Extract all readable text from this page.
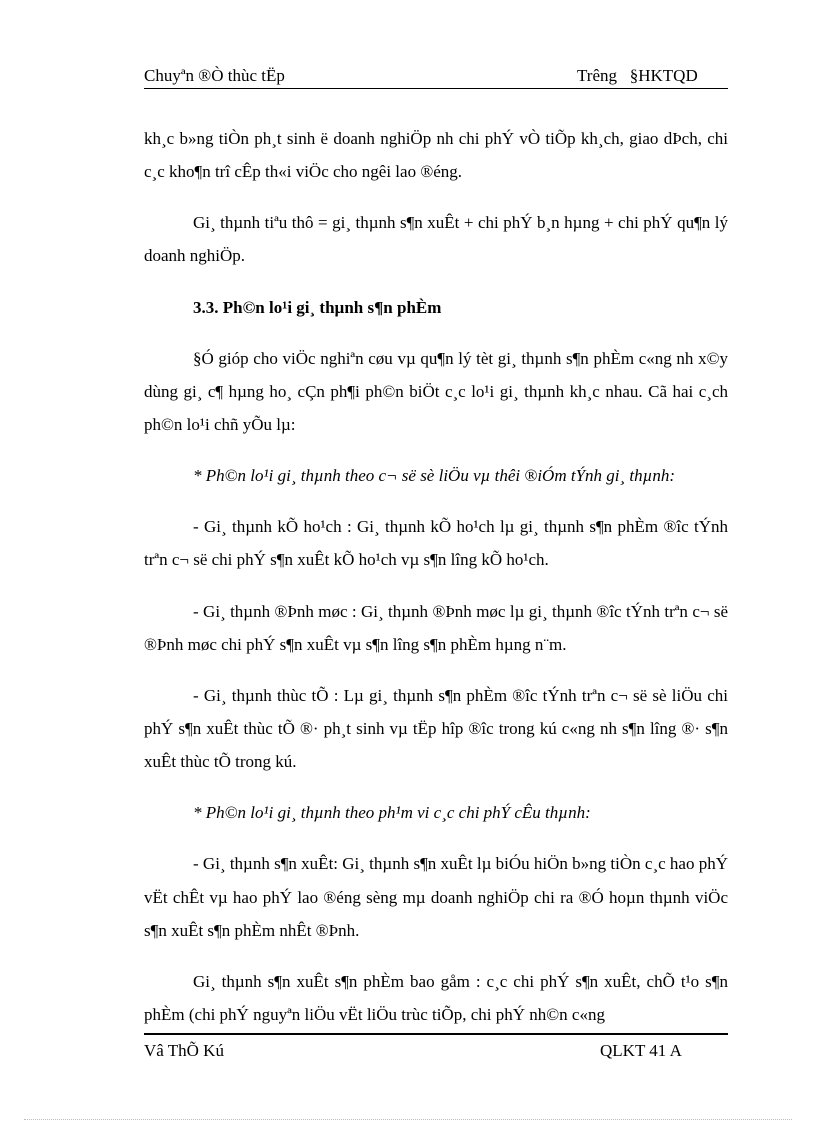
Chuyªn ®Ò thùc tËp	Trêng   §HKTQD

kh¸c b»ng tiÒn ph¸t sinh ë doanh nghiÖp nh chi phÝ vÒ tiÕp kh¸ch, giao dÞch, chi c¸c kho¶n trî cÊp th«i viÖc cho ngêi lao ®éng.

Gi¸ thµnh tiªu thô = gi¸ thµnh s¶n xuÊt + chi phÝ b¸n hµng + chi phÝ qu¶n lý doanh nghiÖp.

3.3. Ph©n lo¹i gi¸ thµnh s¶n phÈm

§Ó gióp cho viÖc nghiªn cøu vµ qu¶n lý tèt gi¸ thµnh s¶n phÈm c«ng nh x©y dùng gi¸ c¶ hµng ho¸ cÇn ph¶i ph©n biÖt c¸c lo¹i gi¸ thµnh kh¸c nhau. Cã hai c¸ch ph©n lo¹i chñ yÕu lµ:

* Ph©n lo¹i gi¸ thµnh theo c¬ së sè liÖu vµ thêi ®iÓm tÝnh gi¸ thµnh:

- Gi¸ thµnh kÕ ho¹ch : Gi¸ thµnh kÕ ho¹ch lµ gi¸ thµnh s¶n phÈm ®îc tÝnh trªn c¬ së chi phÝ s¶n xuÊt kÕ ho¹ch vµ s¶n lîng kÕ ho¹ch.

- Gi¸ thµnh ®Þnh møc : Gi¸ thµnh ®Þnh møc lµ gi¸ thµnh ®îc tÝnh trªn c¬ së ®Þnh møc chi phÝ s¶n xuÊt vµ s¶n lîng s¶n phÈm hµng n¨m.

- Gi¸ thµnh thùc tÕ : Lµ gi¸ thµnh s¶n phÈm ®îc tÝnh trªn c¬ së sè liÖu chi phÝ s¶n xuÊt thùc tÕ ®· ph¸t sinh vµ tËp hîp ®îc trong kú c«ng nh s¶n lîng ®· s¶n xuÊt thùc tÕ trong kú.

* Ph©n lo¹i gi¸ thµnh theo ph¹m vi c¸c chi phÝ cÊu thµnh:

- Gi¸ thµnh s¶n xuÊt: Gi¸ thµnh s¶n xuÊt lµ biÓu hiÖn b»ng tiÒn c¸c hao phÝ vËt chÊt vµ hao phÝ lao ®éng sèng mµ doanh nghiÖp chi ra ®Ó hoµn thµnh viÖc s¶n xuÊt s¶n phÈm nhÊt ®Þnh.

Gi¸ thµnh s¶n xuÊt s¶n phÈm bao gåm : c¸c chi phÝ s¶n xuÊt, chÕ t¹o s¶n phÈm (chi phÝ nguyªn liÖu vËt liÖu trùc tiÕp, chi phÝ nh©n c«ng

Vâ ThÕ Kú	QLKT 41 A
